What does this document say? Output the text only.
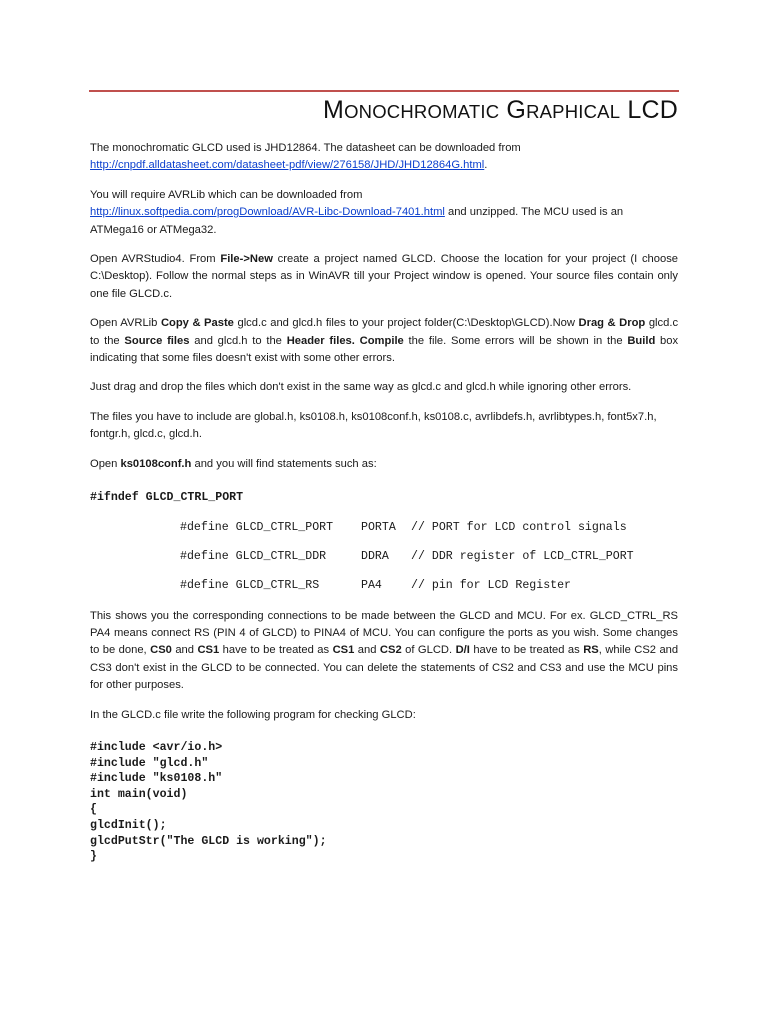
MONOCHROMATIC GRAPHICAL LCD

The monochromatic GLCD used is JHD12864. The datasheet can be downloaded from
http://cnpdf.alldatasheet.com/datasheet-pdf/view/276158/JHD/JHD12864G.html.

You will require AVRLib which can be downloaded from
http://linux.softpedia.com/progDownload/AVR-Libc-Download-7401.html and unzipped. The MCU used is an ATMega16 or ATMega32.

Open AVRStudio4. From File->New create a project named GLCD. Choose the location for your project (I choose C:\Desktop). Follow the normal steps as in WinAVR till your Project window is opened. Your source files contain only one file GLCD.c.

Open AVRLib Copy & Paste glcd.c and glcd.h files to your project folder(C:\Desktop\GLCD).Now Drag & Drop glcd.c to the Source files and glcd.h to the Header files. Compile the file. Some errors will be shown in the Build box indicating that some files doesn't exist with some other errors.

Just drag and drop the files which don't exist in the same way as glcd.c and glcd.h while ignoring other errors.

The files you have to include are global.h, ks0108.h, ks0108conf.h, ks0108.c, avrlibdefs.h, avrlibtypes.h, font5x7.h, fontgr.h, glcd.c, glcd.h.

Open ks0108conf.h and you will find statements such as:

#ifndef GLCD_CTRL_PORT
#define GLCD_CTRL_PORT	PORTA	// PORT for LCD control signals
#define GLCD_CTRL_DDR	DDRA	// DDR register of LCD_CTRL_PORT
#define GLCD_CTRL_RS	PA4	// pin for LCD Register

This shows you the corresponding connections to be made between the GLCD and MCU. For ex. GLCD_CTRL_RS PA4 means connect RS (PIN 4 of GLCD) to PINA4 of MCU. You can configure the ports as you wish. Some changes to be done, CS0 and CS1 have to be treated as CS1 and CS2 of GLCD. D/I have to be treated as RS, while CS2 and CS3 don't exist in the GLCD to be connected. You can delete the statements of CS2 and CS3 and use the MCU pins for other purposes.

In the GLCD.c file write the following program for checking GLCD:

#include <avr/io.h>
#include "glcd.h"
#include "ks0108.h"
int main(void)
{
glcdInit();
glcdPutStr("The GLCD is working");
}
